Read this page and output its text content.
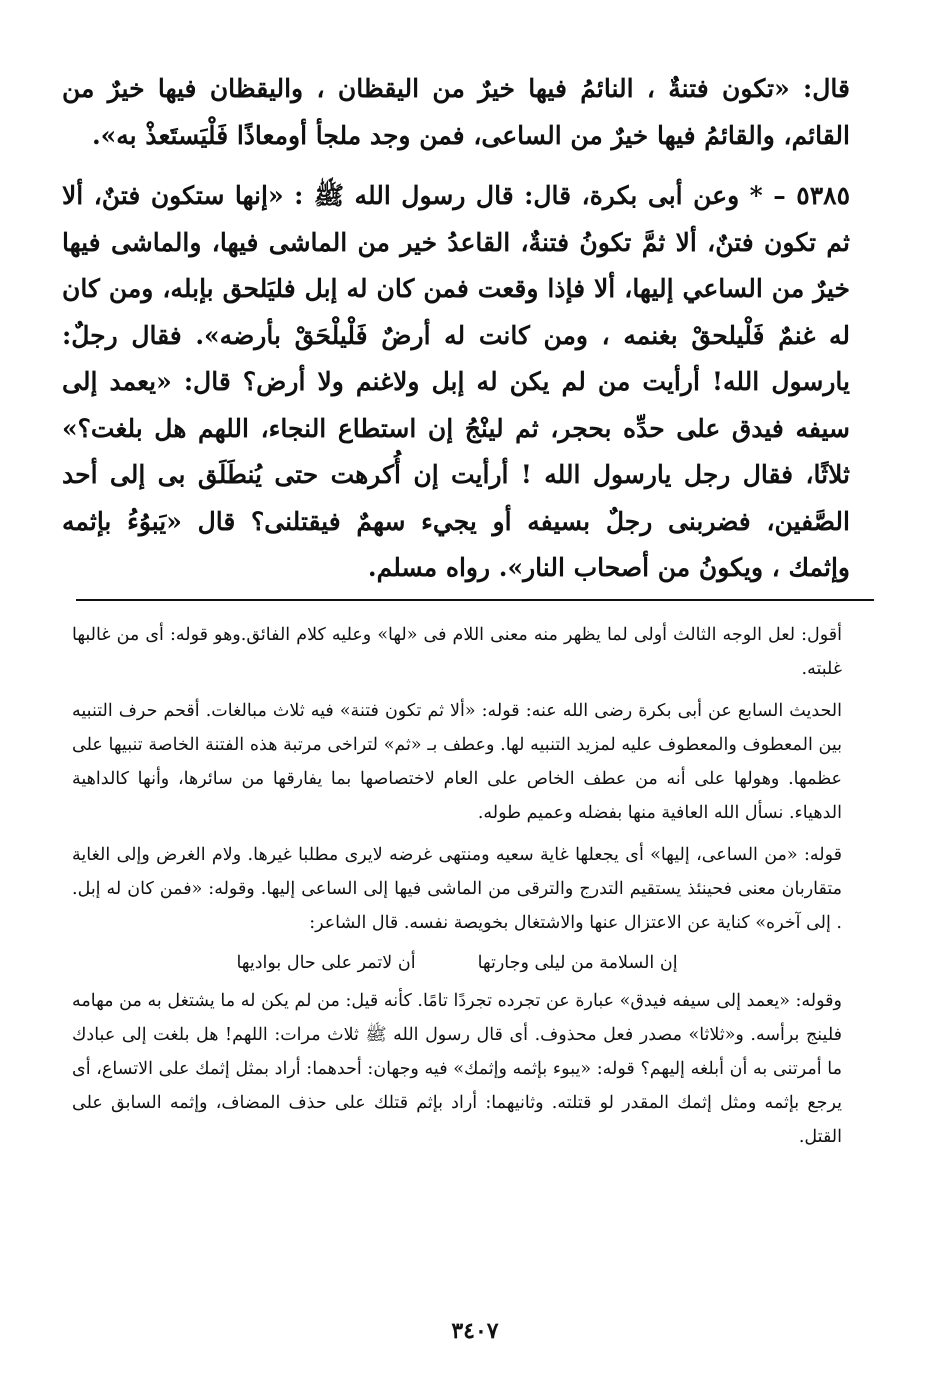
قال: «تكون فتنةٌ ، النائمُ فيها خيرٌ من اليقظان ، واليقظان فيها خيرٌ من القائم، والقائمُ فيها خيرٌ من الساعى، فمن وجد ملجأ أومعاذًا فَلْيَستَعذْ به».

٥٣٨٥ – * وعن أبى بكرة، قال: قال رسول الله ﷺ : «إنها ستكون فتنٌ، ألا ثم تكون فتنٌ، ألا ثمَّ تكونُ فتنةٌ، القاعدُ خير من الماشى فيها، والماشى فيها خيرٌ من الساعي إليها، ألا فإذا وقعت فمن كان له إبل فليَلحق بإبله، ومن كان له غنمٌ فَلْيلحقْ بغنمه ، ومن كانت له أرضٌ فَلْيلْحَقْ بأرضه». فقال رجلٌ: يارسول الله! أرأيت من لم يكن له إبل ولاغنم ولا أرض؟ قال: «يعمد إلى سيفه فيدق على حدِّه بحجر، ثم لينْجُ إن استطاع النجاء، اللهم هل بلغت؟» ثلاثًا، فقال رجل يارسول الله ! أرأيت إن أُكرهت حتى يُنطَلَق بى إلى أحد الصَّفين، فضربنى رجلٌ بسيفه أو يجيء سهمٌ فيقتلنى؟ قال «يَبوُءُ بإثمه وإثمك ، ويكونُ من أصحاب النار». رواه مسلم.

أقول: لعل الوجه الثالث أولى لما يظهر منه معنى اللام فى «لها» وعليه كلام الفائق.وهو قوله: أى من غالبها غلبته.

الحديث السابع عن أبى بكرة رضى الله عنه: قوله: «ألا ثم تكون فتنة» فيه ثلاث مبالغات. أقحم حرف التنبيه بين المعطوف والمعطوف عليه لمزيد التنبيه لها. وعطف بـ «ثم» لتراخى مرتبة هذه الفتنة الخاصة تنبيها على عظمها. وهولها على أنه من عطف الخاص على العام لاختصاصها بما يفارقها من سائرها، وأنها كالداهية الدهياء. نسأل الله العافية منها بفضله وعميم طوله.

قوله: «من الساعى، إليها» أى يجعلها غاية سعيه ومنتهى غرضه لايرى مطلبا غيرها. ولام الغرض وإلى الغاية متقاربان معنى فحينئذ يستقيم التدرج والترقى من الماشى فيها إلى الساعى إليها. وقوله: «فمن كان له إبل. . إلى آخره» كناية عن الاعتزال عنها والاشتغال بخويصة نفسه. قال الشاعر:

إن السلامة من ليلى وجارتها
أن لاتمر على حال بواديها

وقوله: «يعمد إلى سيفه فيدق» عبارة عن تجرده تجردًا تامًا. كأنه قيل: من لم يكن له ما يشتغل به من مهامه فلينج برأسه. و«ثلاثا» مصدر فعل محذوف. أى قال رسول الله ﷺ ثلاث مرات: اللهم! هل بلغت إلى عبادك ما أمرتنى به أن أبلغه إليهم؟ قوله: «يبوء بإثمه وإثمك» فيه وجهان: أحدهما: أراد بمثل إثمك على الاتساع، أى يرجع بإثمه ومثل إثمك المقدر لو قتلته. وثانيهما: أراد بإثم قتلك على حذف المضاف، وإثمه السابق على القتل.

٣٤٠٧
